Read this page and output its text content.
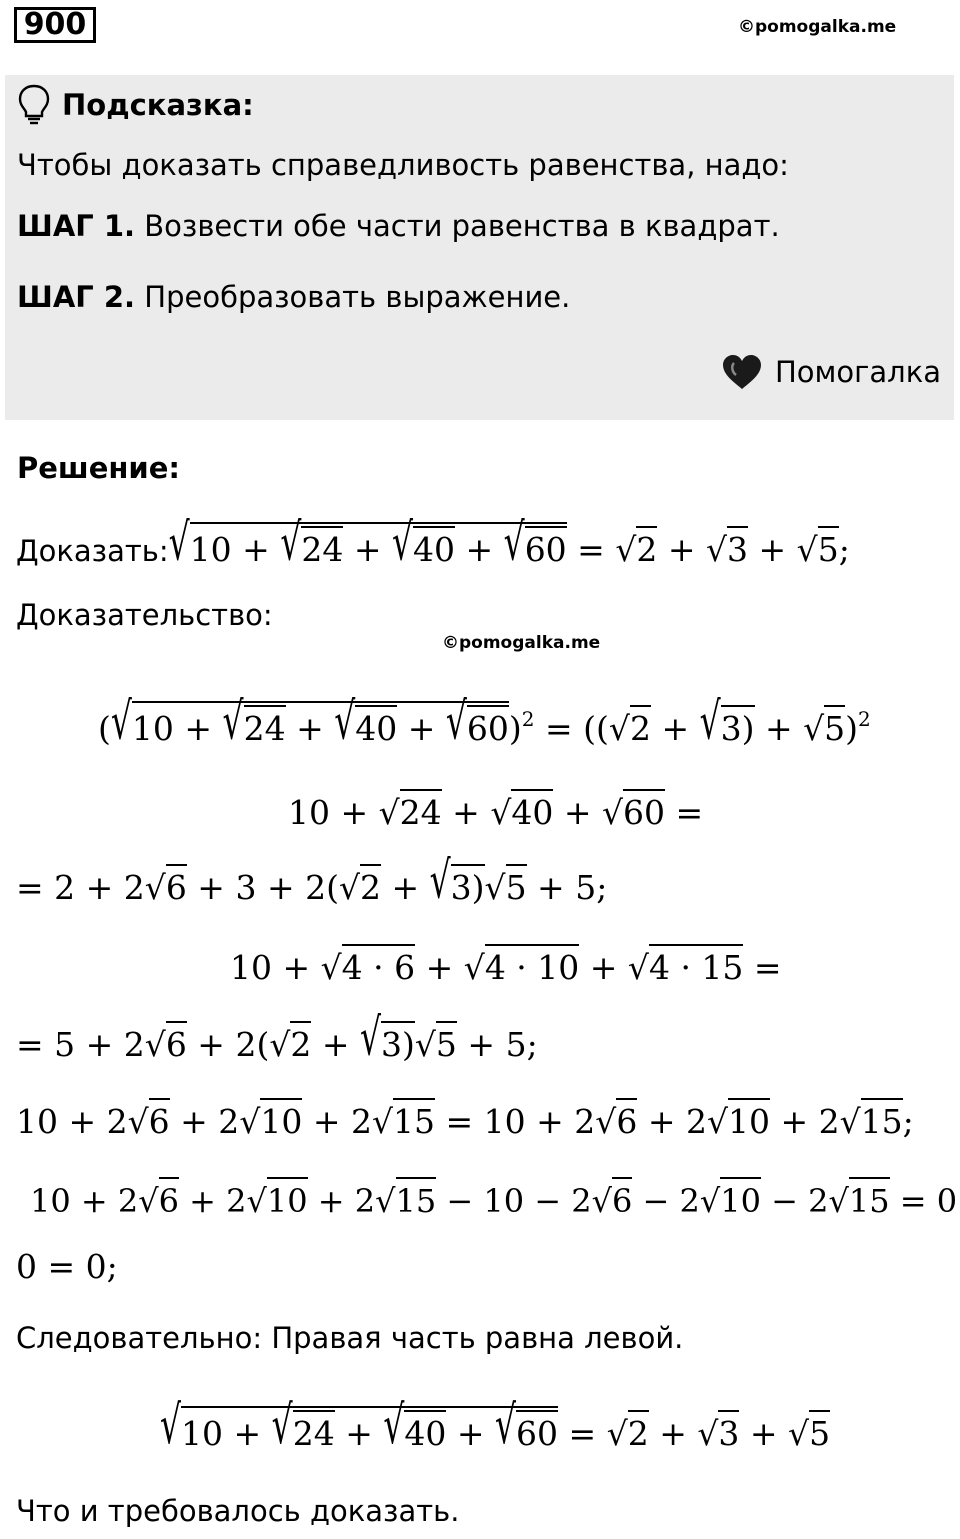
900	©pomogalka.me
Подсказка:
Чтобы доказать справедливость равенства, надо:
ШАГ 1. Возвести обе части равенства в квадрат.
ШАГ 2. Преобразовать выражение.
Помогалка
Решение:
Доказать:√10 + √24 + √40 + √60 = √2 + √3 + √5;
Доказательство:
©pomogalka.me
$(√10 + √24 + √40 + √60)^2 = ((√2 + √3) + √5)^2$
10 + √24 + √40 + √60 =
= 2 + 2√6 + 3 + 2(√2 + √3)√5 + 5;
10 + √4 · 6 + √4 · 10 + √4 · 15 =
= 5 + 2√6 + 2(√2 + √3)√5 + 5;
10 + 2√6 + 2√10 + 2√15 = 10 + 2√6 + 2√10 + 2√15;
10 + 2√6 + 2√10 + 2√15 − 10 − 2√6 − 2√10 − 2√15 = 0
0 = 0;
Следовательно: Правая часть равна левой.
√10 + √24 + √40 + √60 = √2 + √3 + √5
Что и требовалось доказать.
